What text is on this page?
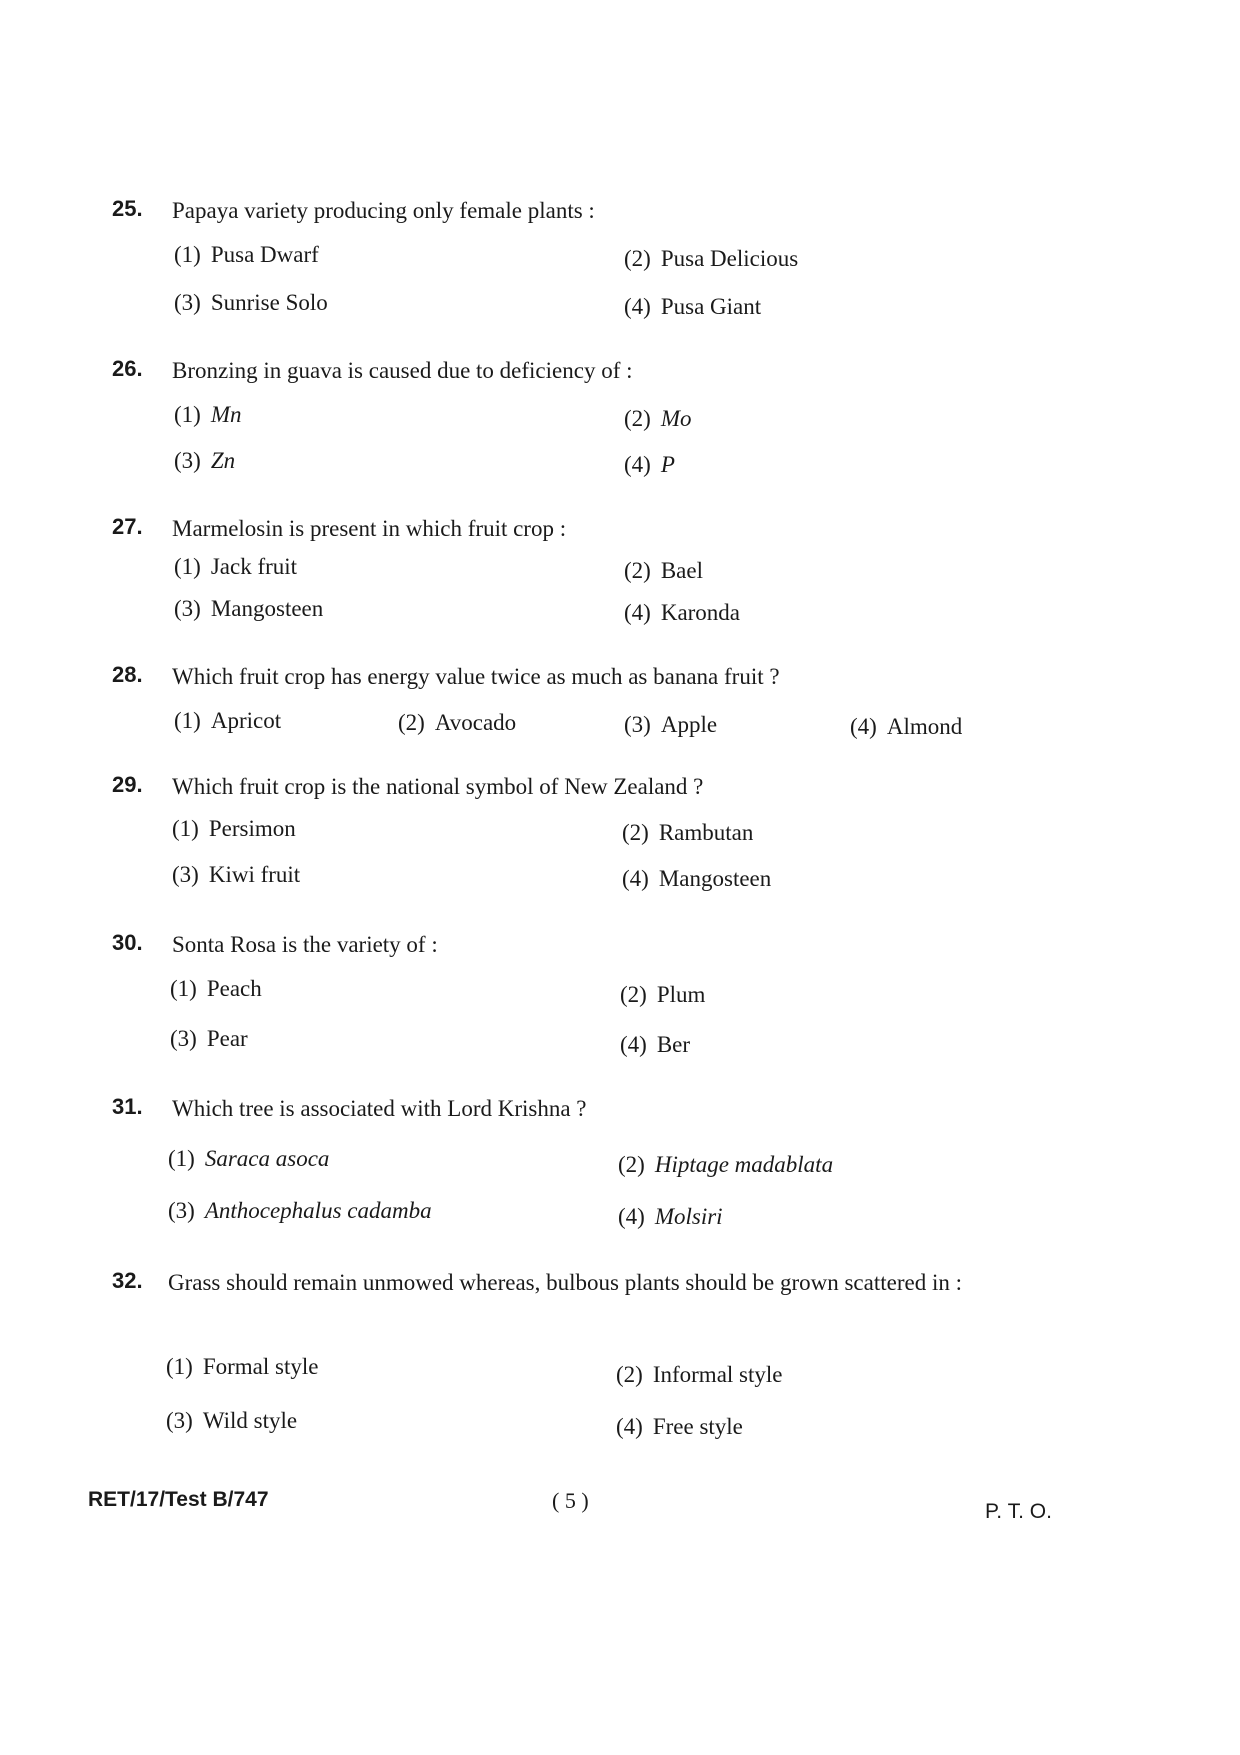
25. Papaya variety producing only female plants :
(1) Pusa Dwarf	(2) Pusa Delicious
(3) Sunrise Solo	(4) Pusa Giant
26. Bronzing in guava is caused due to deficiency of :
(1) Mn	(2) Mo
(3) Zn	(4) P
27. Marmelosin is present in which fruit crop :
(1) Jack fruit	(2) Bael
(3) Mangosteen	(4) Karonda
28. Which fruit crop has energy value twice as much as banana fruit ?
(1) Apricot	(2) Avocado	(3) Apple	(4) Almond
29. Which fruit crop is the national symbol of New Zealand ?
(1) Persimon	(2) Rambutan
(3) Kiwi fruit	(4) Mangosteen
30. Sonta Rosa is the variety of :
(1) Peach	(2) Plum
(3) Pear	(4) Ber
31. Which tree is associated with Lord Krishna ?
(1) Saraca asoca	(2) Hiptage madablata
(3) Anthocephalus cadamba	(4) Molsiri
32. Grass should remain unmowed whereas, bulbous plants should be grown scattered in :
(1) Formal style	(2) Informal style
(3) Wild style	(4) Free style
RET/17/Test B/747	( 5 )	P. T. O.
